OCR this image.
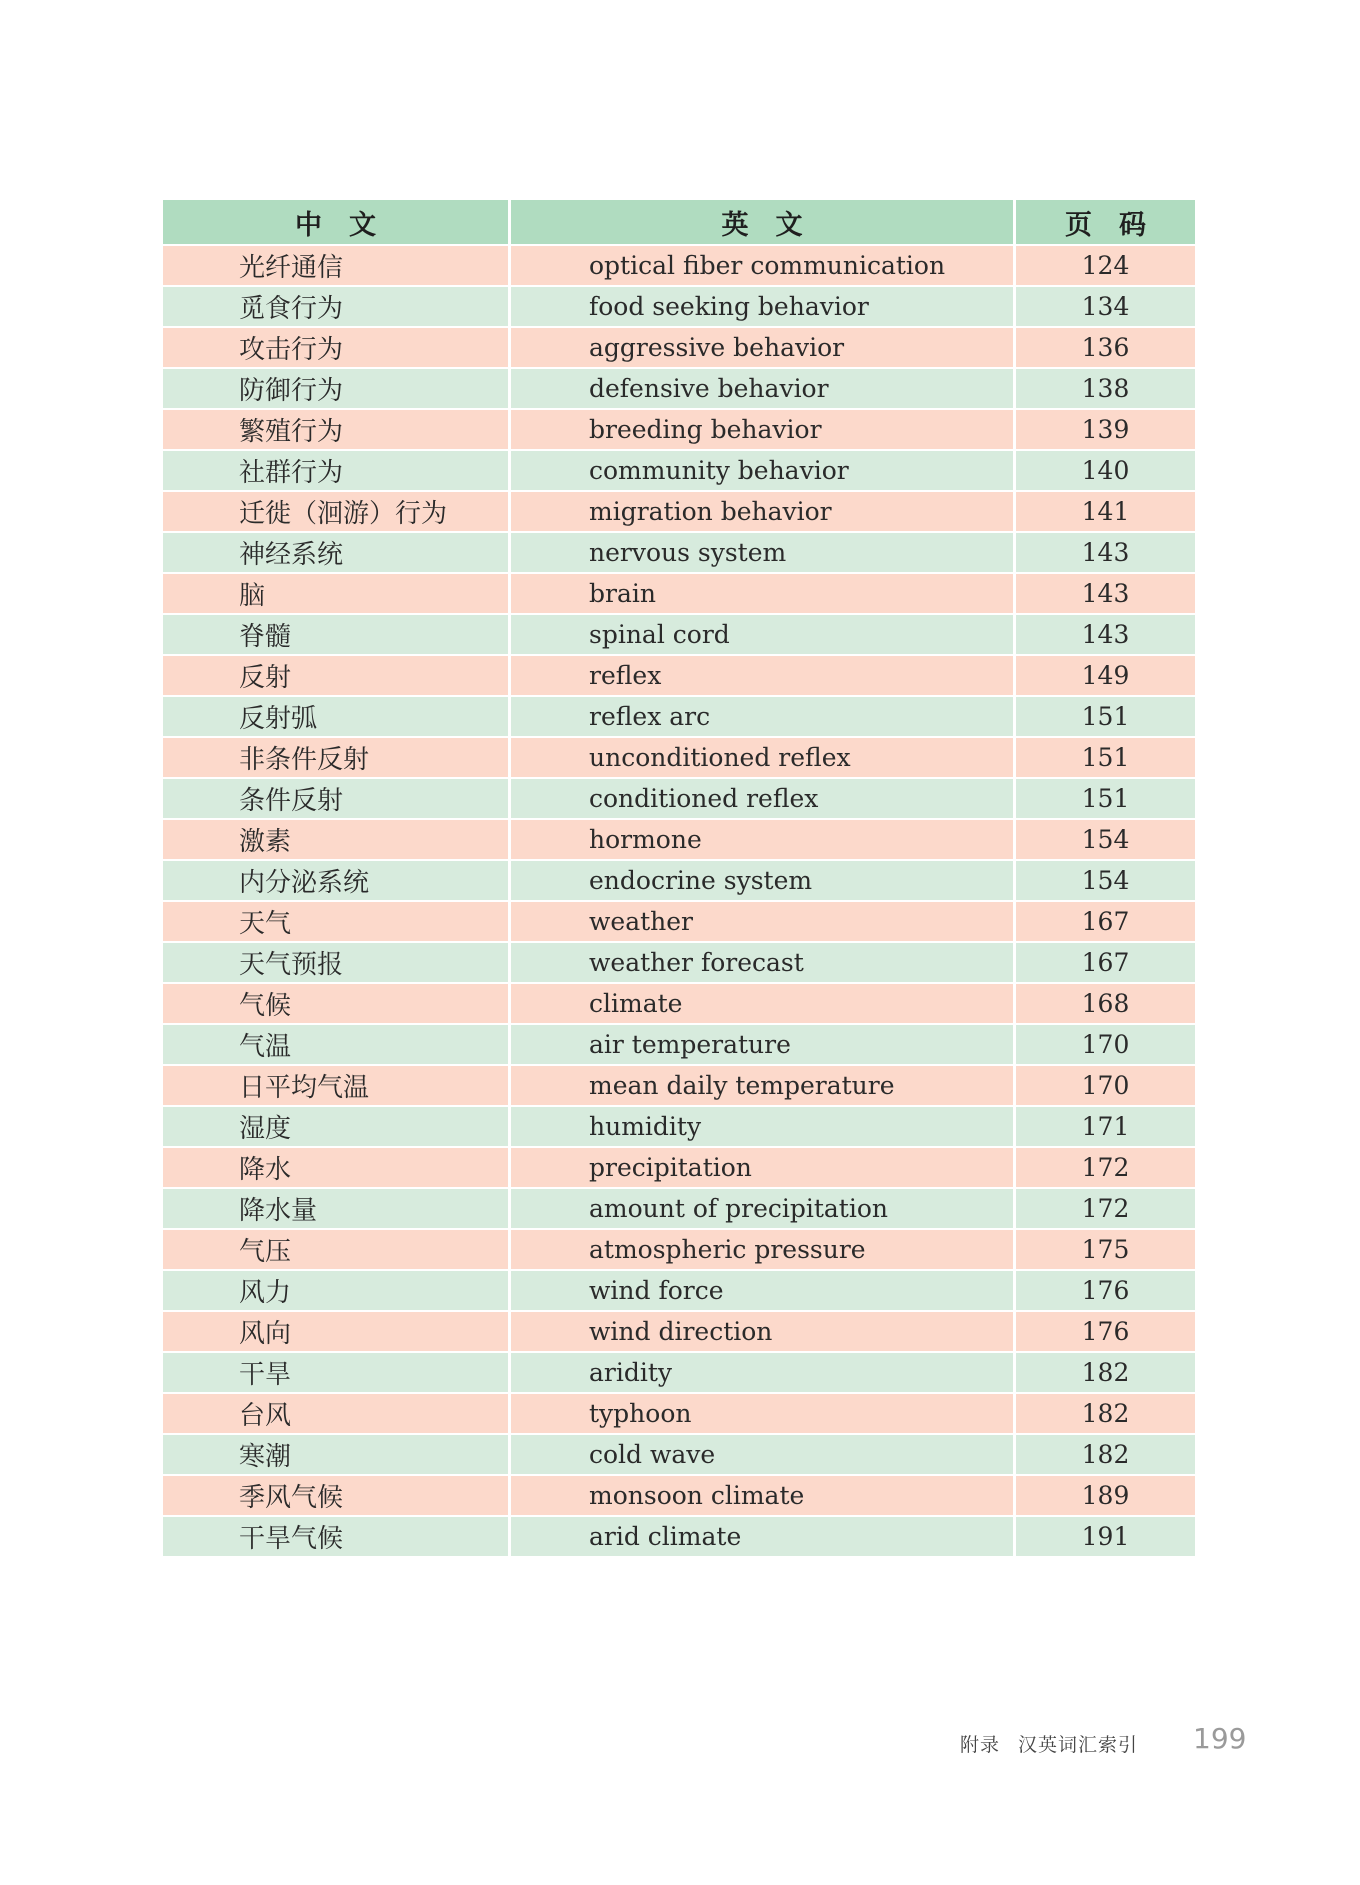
中　文	英　文	页　码
光纤通信	optical fiber communication	124
觅食行为	food seeking behavior	134
攻击行为	aggressive behavior	136
防御行为	defensive behavior	138
繁殖行为	breeding behavior	139
社群行为	community behavior	140
迁徙（洄游）行为	migration behavior	141
神经系统	nervous system	143
脑	brain	143
脊髓	spinal cord	143
反射	reflex	149
反射弧	reflex arc	151
非条件反射	unconditioned reflex	151
条件反射	conditioned reflex	151
激素	hormone	154
内分泌系统	endocrine system	154
天气	weather	167
天气预报	weather forecast	167
气候	climate	168
气温	air temperature	170
日平均气温	mean daily temperature	170
湿度	humidity	171
降水	precipitation	172
降水量	amount of precipitation	172
气压	atmospheric pressure	175
风力	wind force	176
风向	wind direction	176
干旱	aridity	182
台风	typhoon	182
寒潮	cold wave	182
季风气候	monsoon climate	189
干旱气候	arid climate	191
附录 汉英词汇索引 199
